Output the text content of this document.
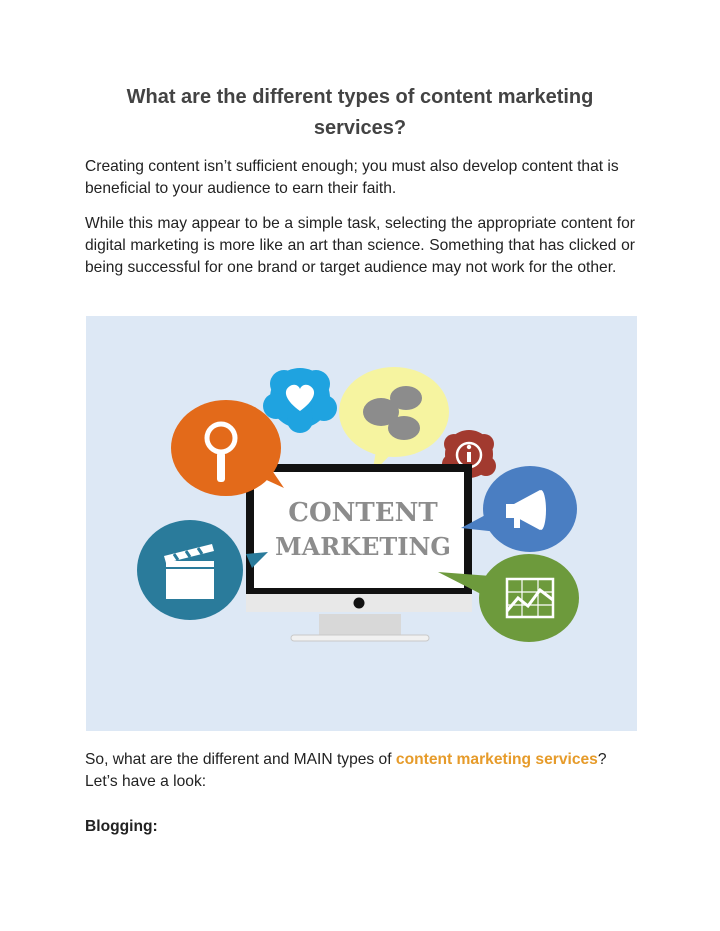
What are the different types of content marketing services?

Creating content isn’t sufficient enough; you must also develop content that is beneficial to your audience to earn their faith.

While this may appear to be a simple task, selecting the appropriate content for digital marketing is more like an art than science. Something that has clicked or being successful for one brand or target audience may not work for the other.

CONTENT
MARKETING

So, what are the different and MAIN types of content marketing services? Let’s have a look:

Blogging:
